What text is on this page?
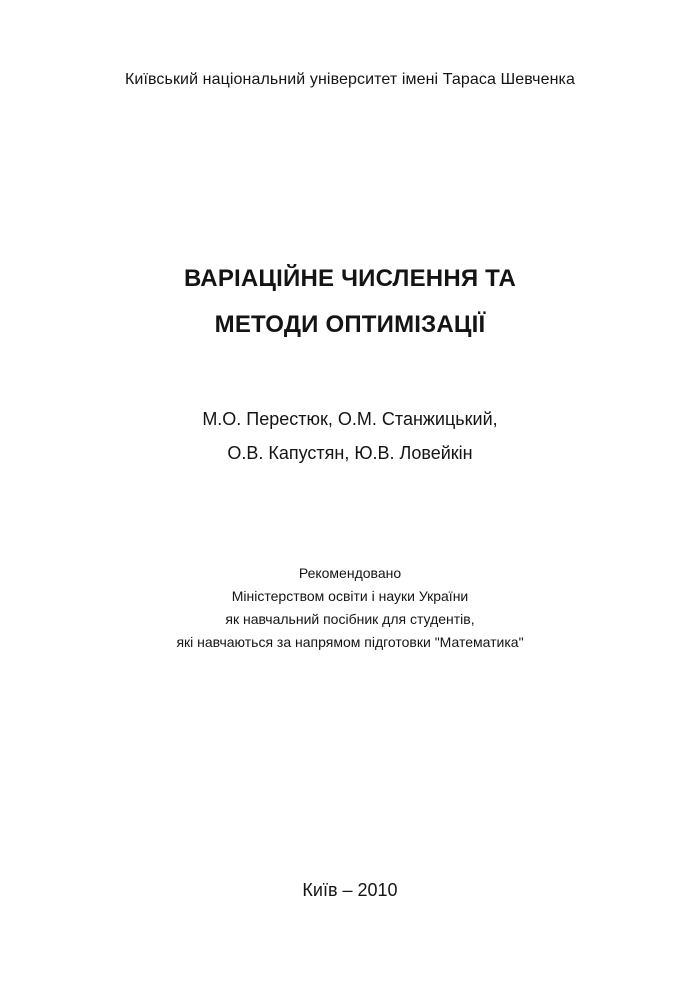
Київський національний університет імені Тараса Шевченка
ВАРІАЦІЙНЕ ЧИСЛЕННЯ ТА
МЕТОДИ ОПТИМІЗАЦІЇ
М.О. Перестюк, О.М. Станжицький,
О.В. Капустян, Ю.В. Ловейкін
Рекомендовано
Міністерством освіти і науки України
як навчальний посібник для студентів,
які навчаються за напрямом підготовки "Математика"
Київ – 2010
